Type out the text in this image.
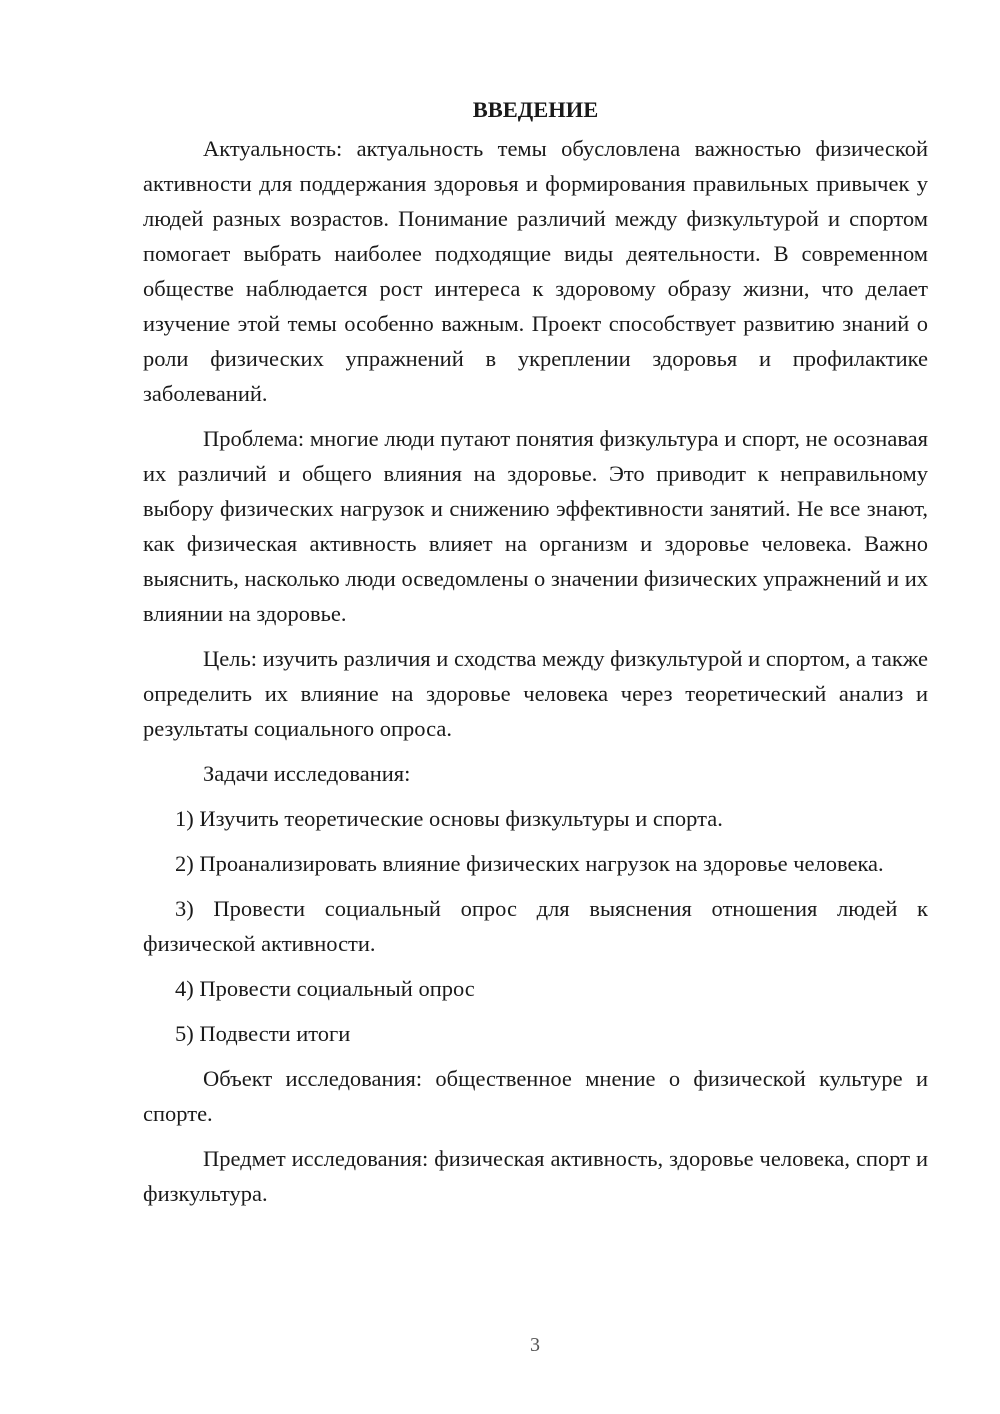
ВВЕДЕНИЕ

Актуальность: актуальность темы обусловлена важностью физической активности для поддержания здоровья и формирования правильных привычек у людей разных возрастов. Понимание различий между физкультурой и спортом помогает выбрать наиболее подходящие виды деятельности. В современном обществе наблюдается рост интереса к здоровому образу жизни, что делает изучение этой темы особенно важным. Проект способствует развитию знаний о роли физических упражнений в укреплении здоровья и профилактике заболеваний.

Проблема: многие люди путают понятия физкультура и спорт, не осознавая их различий и общего влияния на здоровье. Это приводит к неправильному выбору физических нагрузок и снижению эффективности занятий. Не все знают, как физическая активность влияет на организм и здоровье человека. Важно выяснить, насколько люди осведомлены о значении физических упражнений и их влиянии на здоровье.

Цель: изучить различия и сходства между физкультурой и спортом, а также определить их влияние на здоровье человека через теоретический анализ и результаты социального опроса.

Задачи исследования:

1) Изучить теоретические основы физкультуры и спорта.

2) Проанализировать влияние физических нагрузок на здоровье человека.

3) Провести социальный опрос для выяснения отношения людей к физической активности.

4) Провести социальный опрос

5) Подвести итоги

Объект исследования: общественное мнение о физической культуре и спорте.

Предмет исследования: физическая активность, здоровье человека, спорт и физкультура.

3
